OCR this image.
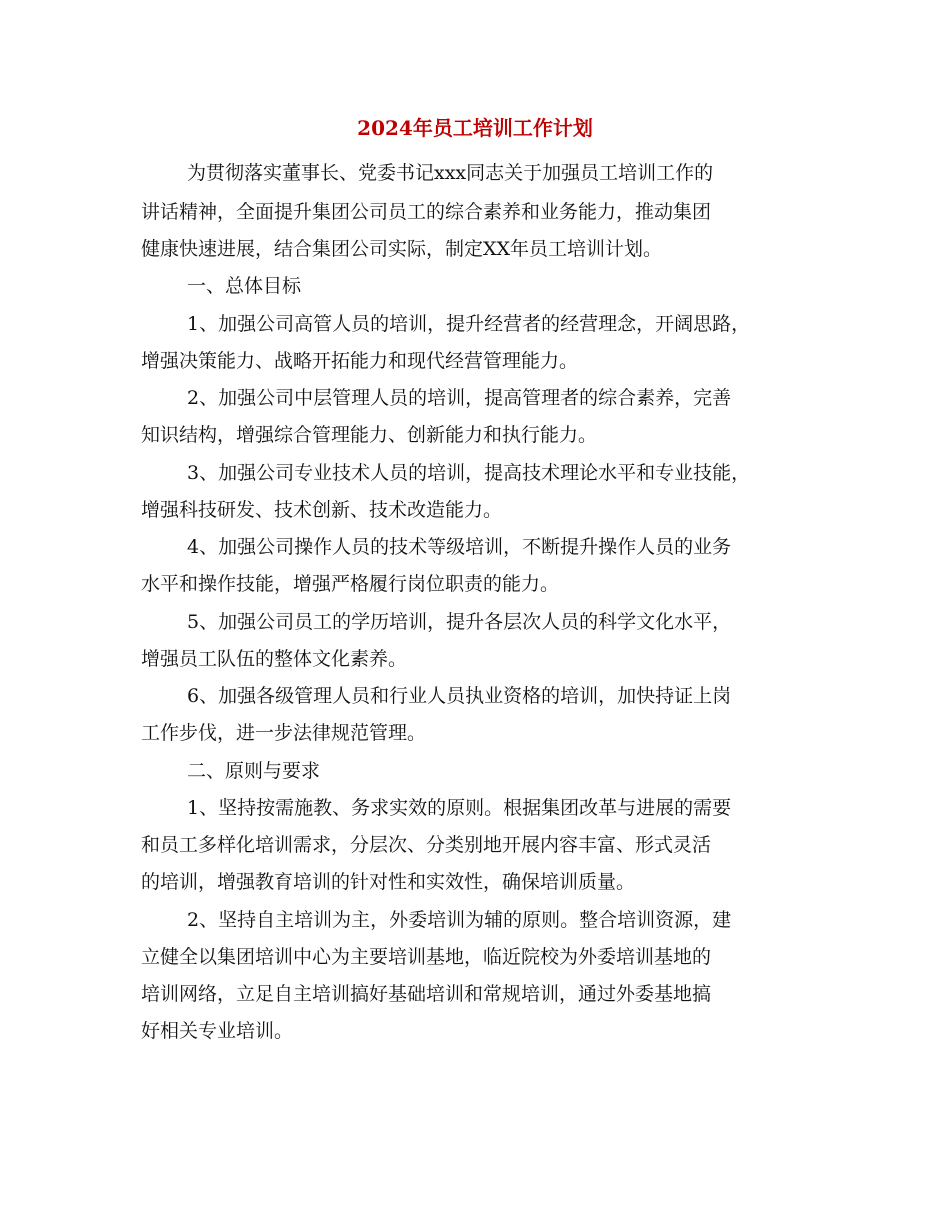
2024年员工培训工作计划

为贯彻落实董事长、党委书记xxx同志关于加强员工培训工作的

讲话精神，全面提升集团公司员工的综合素养和业务能力，推动集团

健康快速进展，结合集团公司实际，制定XX年员工培训计划。

一、总体目标

1、加强公司高管人员的培训，提升经营者的经营理念，开阔思路，

增强决策能力、战略开拓能力和现代经营管理能力。

2、加强公司中层管理人员的培训，提高管理者的综合素养，完善

知识结构，增强综合管理能力、创新能力和执行能力。

3、加强公司专业技术人员的培训，提高技术理论水平和专业技能，

增强科技研发、技术创新、技术改造能力。

4、加强公司操作人员的技术等级培训，不断提升操作人员的业务

水平和操作技能，增强严格履行岗位职责的能力。

5、加强公司员工的学历培训，提升各层次人员的科学文化水平，

增强员工队伍的整体文化素养。

6、加强各级管理人员和行业人员执业资格的培训，加快持证上岗

工作步伐，进一步法律规范管理。

二、原则与要求

1、坚持按需施教、务求实效的原则。根据集团改革与进展的需要

和员工多样化培训需求，分层次、分类别地开展内容丰富、形式灵活

的培训，增强教育培训的针对性和实效性，确保培训质量。

2、坚持自主培训为主，外委培训为辅的原则。整合培训资源，建

立健全以集团培训中心为主要培训基地，临近院校为外委培训基地的

培训网络，立足自主培训搞好基础培训和常规培训，通过外委基地搞

好相关专业培训。
